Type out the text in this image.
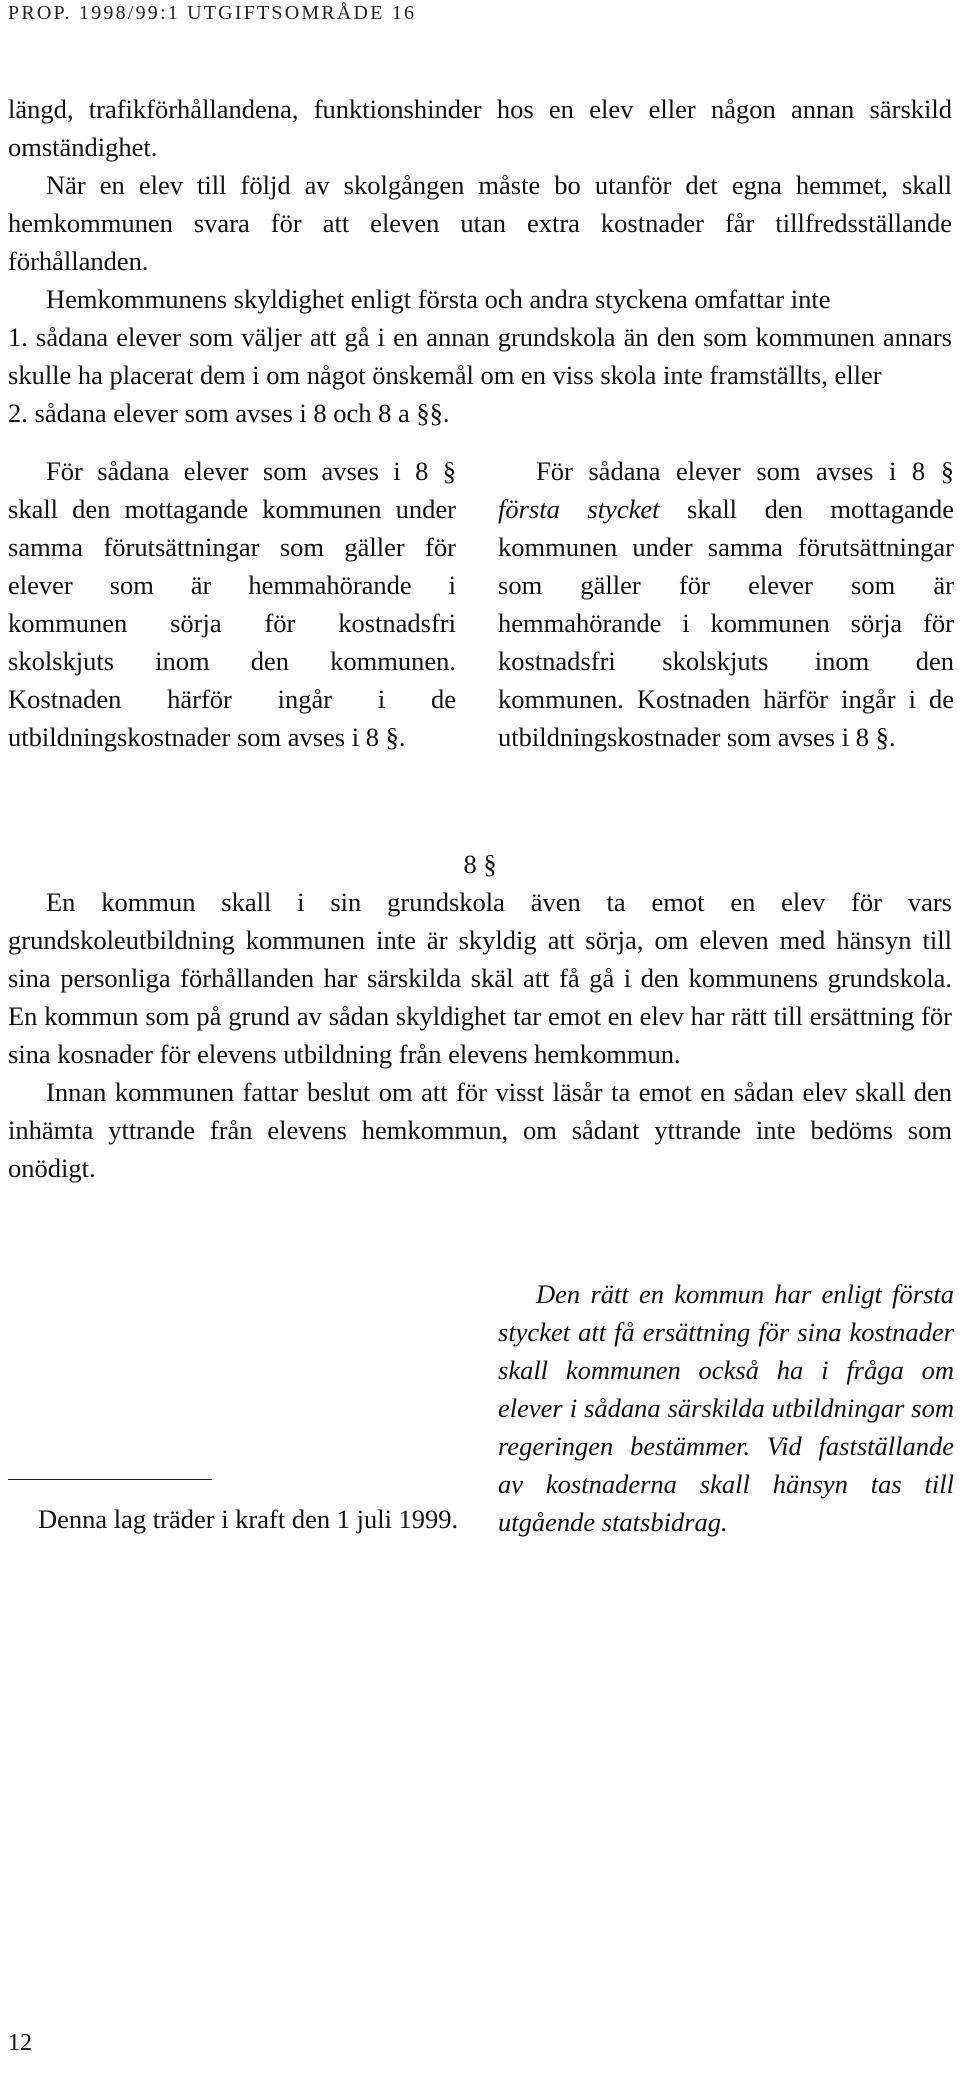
PROP. 1998/99:1 UTGIFTSOMRÅDE 16

längd, trafikförhållandena, funktionshinder hos en elev eller någon annan särskild omständighet.

När en elev till följd av skolgången måste bo utanför det egna hemmet, skall hemkommunen svara för att eleven utan extra kostnader får tillfredsställande förhållanden.

Hemkommunens skyldighet enligt första och andra styckena omfattar inte

1. sådana elever som väljer att gå i en annan grundskola än den som kommunen annars skulle ha placerat dem i om något önskemål om en viss skola inte framställts, eller

2. sådana elever som avses i 8 och 8 a §§.

För sådana elever som avses i 8 § skall den mottagande kommunen under samma förutsättningar som gäller för elever som är hemmahörande i kommunen sörja för kostnadsfri skolskjuts inom den kommunen. Kostnaden härför ingår i de utbildningskostnader som avses i 8 §.

För sådana elever som avses i 8 § första stycket skall den mottagande kommunen under samma förutsättningar som gäller för elever som är hemmahörande i kommunen sörja för kostnadsfri skolskjuts inom den kommunen. Kostnaden härför ingår i de utbildningskostnader som avses i 8 §.

8 §

En kommun skall i sin grundskola även ta emot en elev för vars grundskoleutbildning kommunen inte är skyldig att sörja, om eleven med hänsyn till sina personliga förhållanden har särskilda skäl att få gå i den kommunens grundskola. En kommun som på grund av sådan skyldighet tar emot en elev har rätt till ersättning för sina kosnader för elevens utbildning från elevens hemkommun.

Innan kommunen fattar beslut om att för visst läsår ta emot en sådan elev skall den inhämta yttrande från elevens hemkommun, om sådant yttrande inte bedöms som onödigt.

Den rätt en kommun har enligt första stycket att få ersättning för sina kostnader skall kommunen också ha i fråga om elever i sådana särskilda utbildningar som regeringen bestämmer. Vid fastställande av kostnaderna skall hänsyn tas till utgående statsbidrag.

Denna lag träder i kraft den 1 juli 1999.
12
